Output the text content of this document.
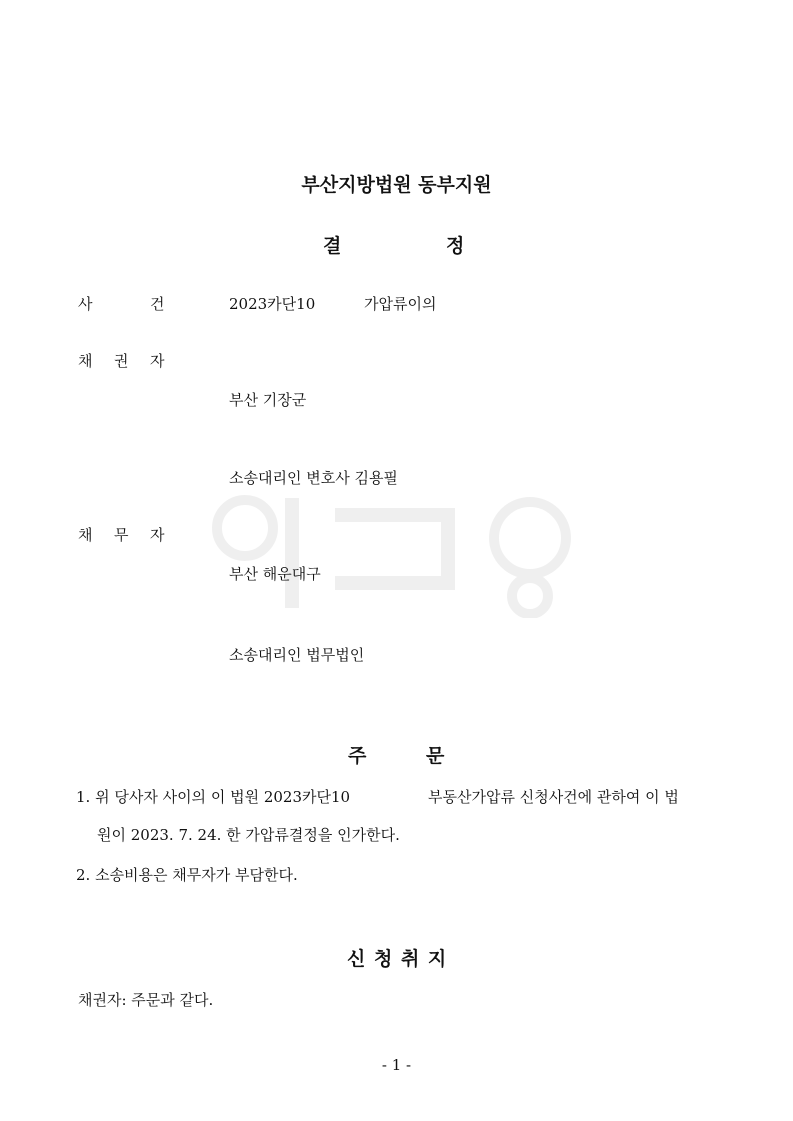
부산지방법원 동부지원
결	정
사	건	2023카단10	가압류이의
채 권 자
부산 기장군
소송대리인 변호사 김용필
채 무 자
부산 해운대구
소송대리인 법무법인
주	문
1. 위 당사자 사이의 이 법원 2023카단10	부동산가압류 신청사건에 관하여 이 법
원이 2023. 7. 24. 한 가압류결정을 인가한다.
2. 소송비용은 채무자가 부담한다.
신 청 취 지
채권자: 주문과 같다.
- 1 -
